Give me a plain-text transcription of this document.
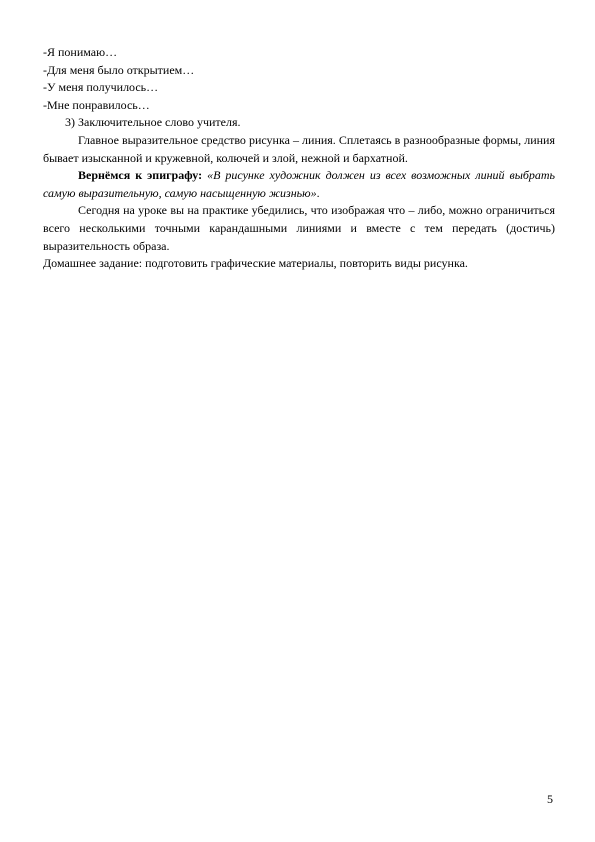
-Я понимаю…
-Для меня было открытием…
-У меня получилось…
-Мне понравилось…
3) Заключительное слово учителя.

Главное выразительное средство рисунка – линия. Сплетаясь в разнообразные формы, линия бывает изысканной и кружевной, колючей и злой, нежной и бархатной.

Вернёмся к эпиграфу: «В рисунке художник должен из всех возможных линий выбрать самую выразительную, самую насыщенную жизнью».

Сегодня на уроке вы на практике убедились, что изображая что – либо, можно ограничиться всего несколькими точными карандашными линиями и вместе с тем передать (достичь) выразительность образа.

Домашнее задание: подготовить графические материалы, повторить виды рисунка.
5
